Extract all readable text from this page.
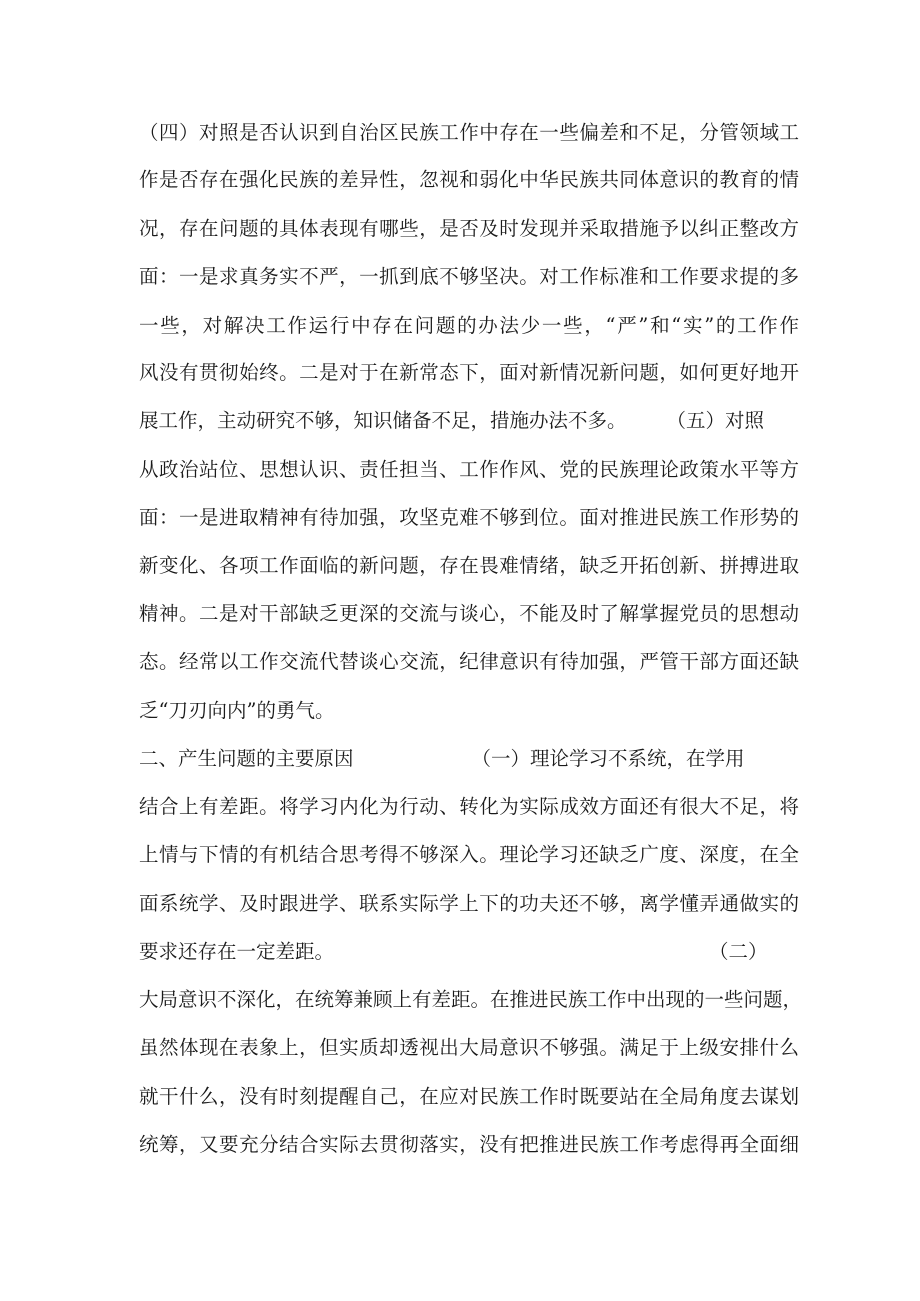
（四）对照是否认识到自治区民族工作中存在一些偏差和不足，分管领域工
作是否存在强化民族的差异性，忽视和弱化中华民族共同体意识的教育的情
况，存在问题的具体表现有哪些，是否及时发现并采取措施予以纠正整改方
面：一是求真务实不严，一抓到底不够坚决。对工作标准和工作要求提的多
一些，对解决工作运行中存在问题的办法少一些，“严”和“实”的工作作
风没有贯彻始终。二是对于在新常态下，面对新情况新问题，如何更好地开
展工作，主动研究不够，知识储备不足，措施办法不多。 （五）对照
从政治站位、思想认识、责任担当、工作作风、党的民族理论政策水平等方
面：一是进取精神有待加强，攻坚克难不够到位。面对推进民族工作形势的
新变化、各项工作面临的新问题，存在畏难情绪，缺乏开拓创新、拼搏进取
精神。二是对干部缺乏更深的交流与谈心，不能及时了解掌握党员的思想动
态。经常以工作交流代替谈心交流，纪律意识有待加强，严管干部方面还缺
乏“刀刃向内”的勇气。
二、产生问题的主要原因	（一）理论学习不系统，在学用
结合上有差距。将学习内化为行动、转化为实际成效方面还有很大不足，将
上情与下情的有机结合思考得不够深入。理论学习还缺乏广度、深度，在全
面系统学、及时跟进学、联系实际学上下的功夫还不够，离学懂弄通做实的
要求还存在一定差距。	（二）
大局意识不深化，在统筹兼顾上有差距。在推进民族工作中出现的一些问题，
虽然体现在表象上，但实质却透视出大局意识不够强。满足于上级安排什么
就干什么，没有时刻提醒自己，在应对民族工作时既要站在全局角度去谋划
统筹，又要充分结合实际去贯彻落实，没有把推进民族工作考虑得再全面细
